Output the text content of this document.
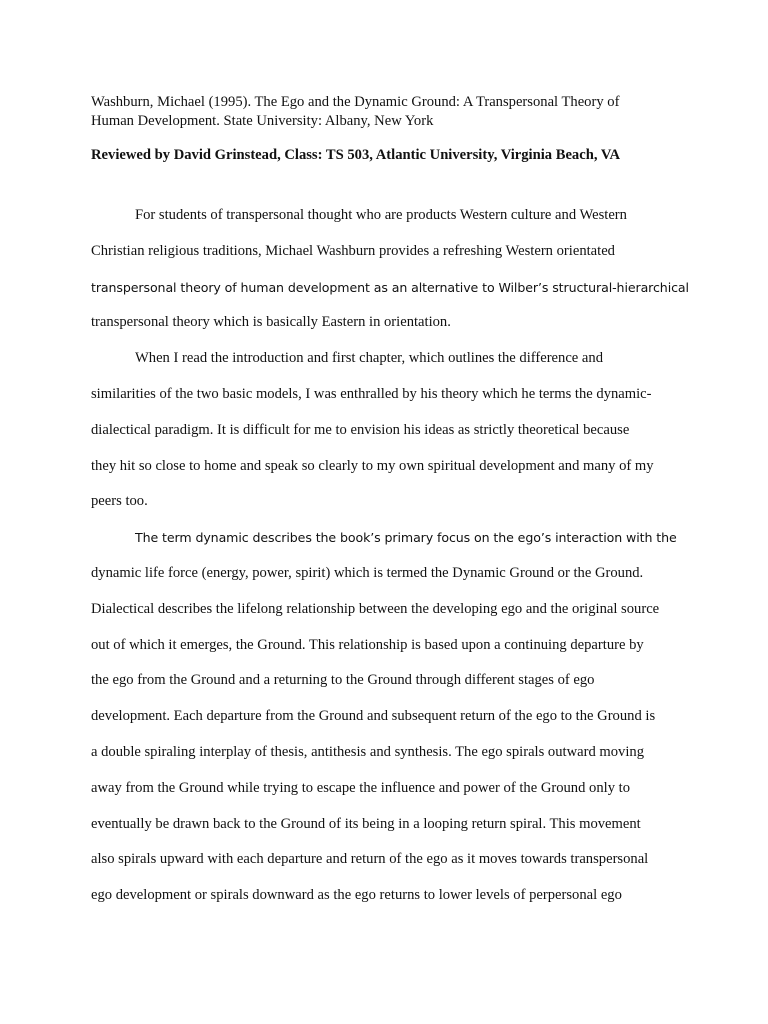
Washburn, Michael (1995). The Ego and the Dynamic Ground: A Transpersonal Theory of
Human Development. State University: Albany, New York
Reviewed by David Grinstead, Class: TS 503, Atlantic University, Virginia Beach, VA
For students of transpersonal thought who are products Western culture and Western
Christian religious traditions, Michael Washburn provides a refreshing Western orientated
transpersonal theory of human development as an alternative to Wilber’s structural-hierarchical
transpersonal theory which is basically Eastern in orientation.
When I read the introduction and first chapter, which outlines the difference and
similarities of the two basic models, I was enthralled by his theory which he terms the dynamic-
dialectical paradigm. It is difficult for me to envision his ideas as strictly theoretical because
they hit so close to home and speak so clearly to my own spiritual development and many of my
peers too.
The term dynamic describes the book’s primary focus on the ego’s interaction with the
dynamic life force (energy, power, spirit) which is termed the Dynamic Ground or the Ground.
Dialectical describes the lifelong relationship between the developing ego and the original source
out of which it emerges, the Ground. This relationship is based upon a continuing departure by
the ego from the Ground and a returning to the Ground through different stages of ego
development. Each departure from the Ground and subsequent return of the ego to the Ground is
a double spiraling interplay of thesis, antithesis and synthesis. The ego spirals outward moving
away from the Ground while trying to escape the influence and power of the Ground only to
eventually be drawn back to the Ground of its being in a looping return spiral. This movement
also spirals upward with each departure and return of the ego as it moves towards transpersonal
ego development or spirals downward as the ego returns to lower levels of perpersonal ego
